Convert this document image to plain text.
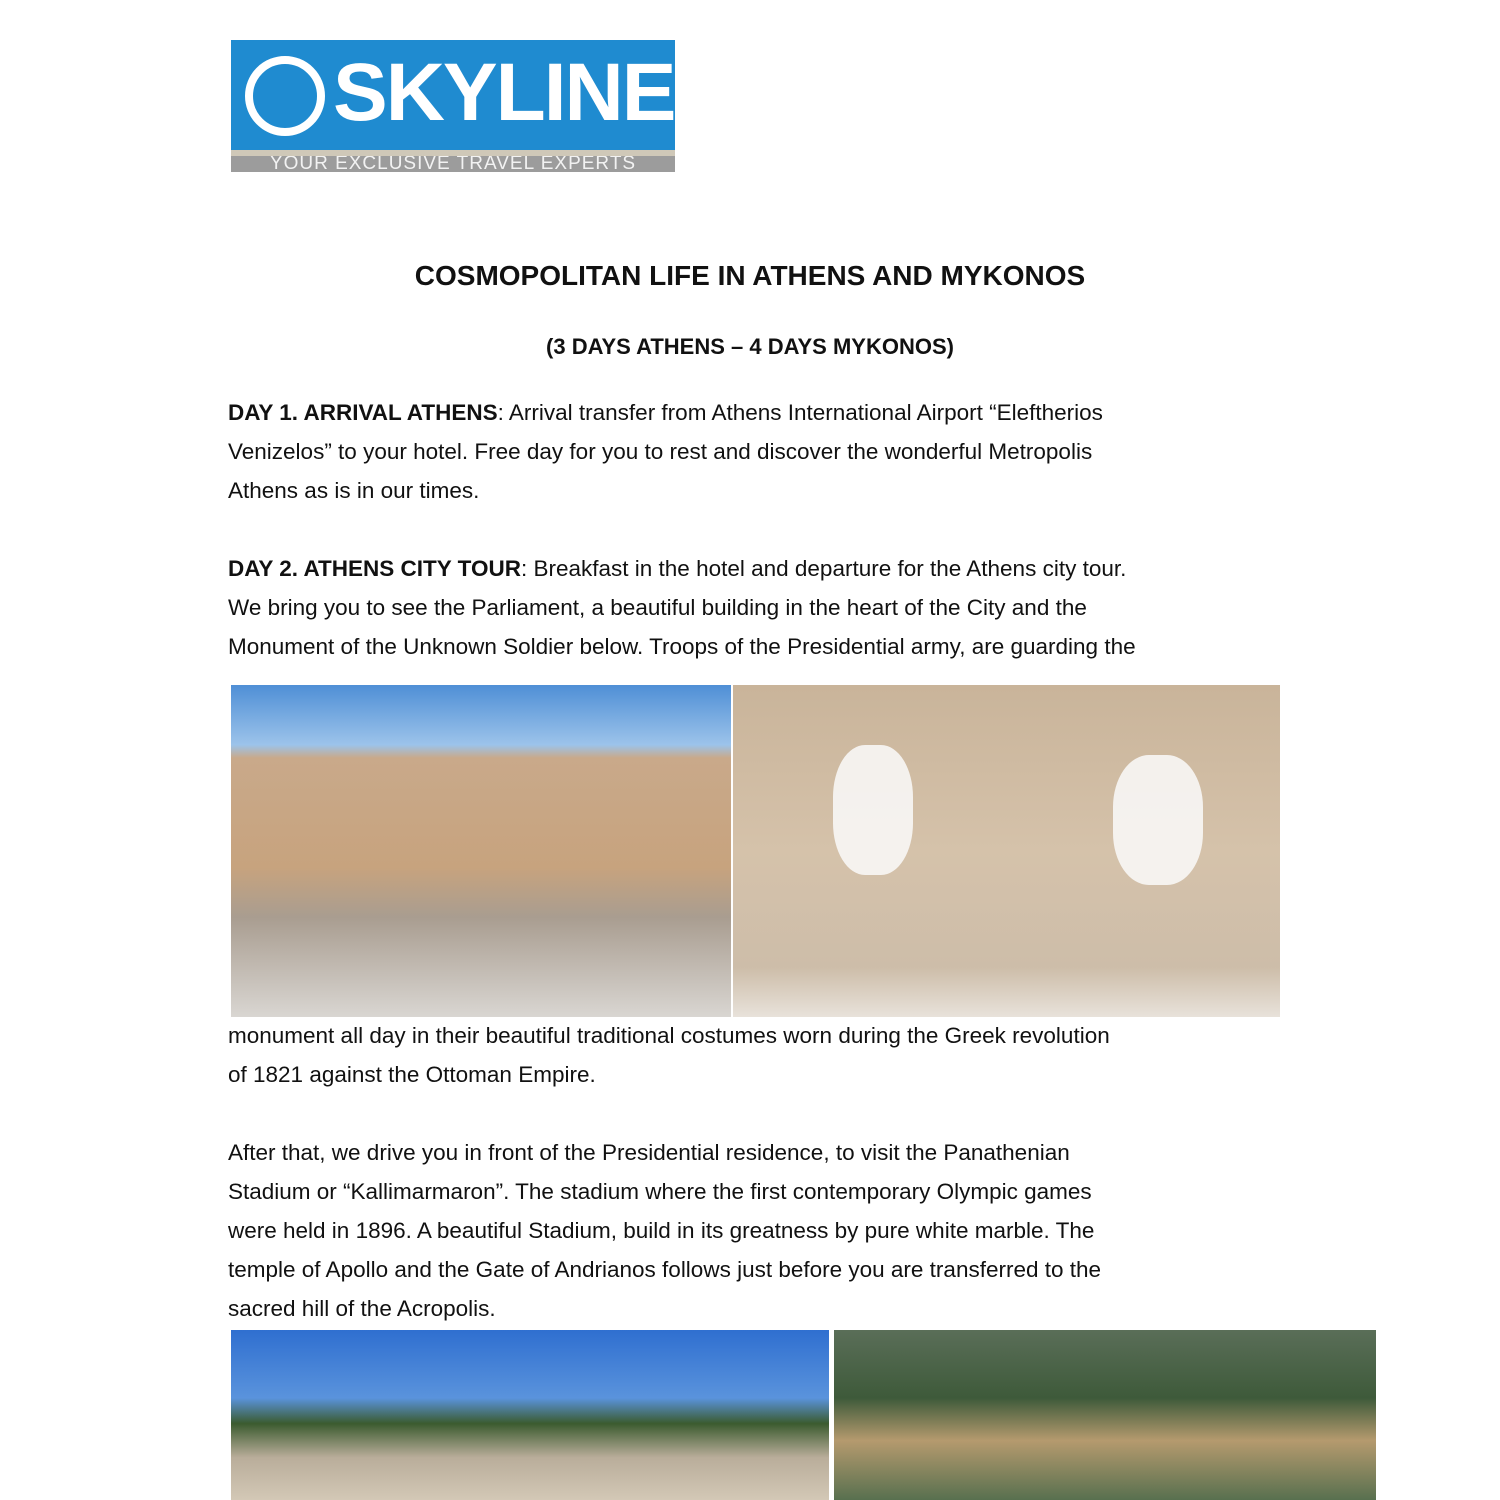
SKYLINES
YOUR EXCLUSIVE TRAVEL EXPERTS
COSMOPOLITAN LIFE IN ATHENS AND MYKONOS
(3 DAYS ATHENS – 4 DAYS MYKONOS)
DAY 1. ARRIVAL ATHENS: Arrival transfer from Athens International Airport “Eleftherios
Venizelos” to your hotel. Free day for you to rest and discover the wonderful Metropolis
Athens as is in our times.
DAY 2. ATHENS CITY TOUR: Breakfast in the hotel and departure for the Athens city tour.
We bring you to see the Parliament, a beautiful building in the heart of the City and the
Monument of the Unknown Soldier below. Troops of the Presidential army, are guarding the
monument all day in their beautiful traditional costumes worn during the Greek revolution
of 1821 against the Ottoman Empire.
After that, we drive you in front of the Presidential residence, to visit the Panathenian
Stadium or “Kallimarmaron”. The stadium where the first contemporary Olympic games
were held in 1896. A beautiful Stadium, build in its greatness by pure white marble. The
temple of Apollo and the Gate of Andrianos follows just before you are transferred to the
sacred hill of the Acropolis.
